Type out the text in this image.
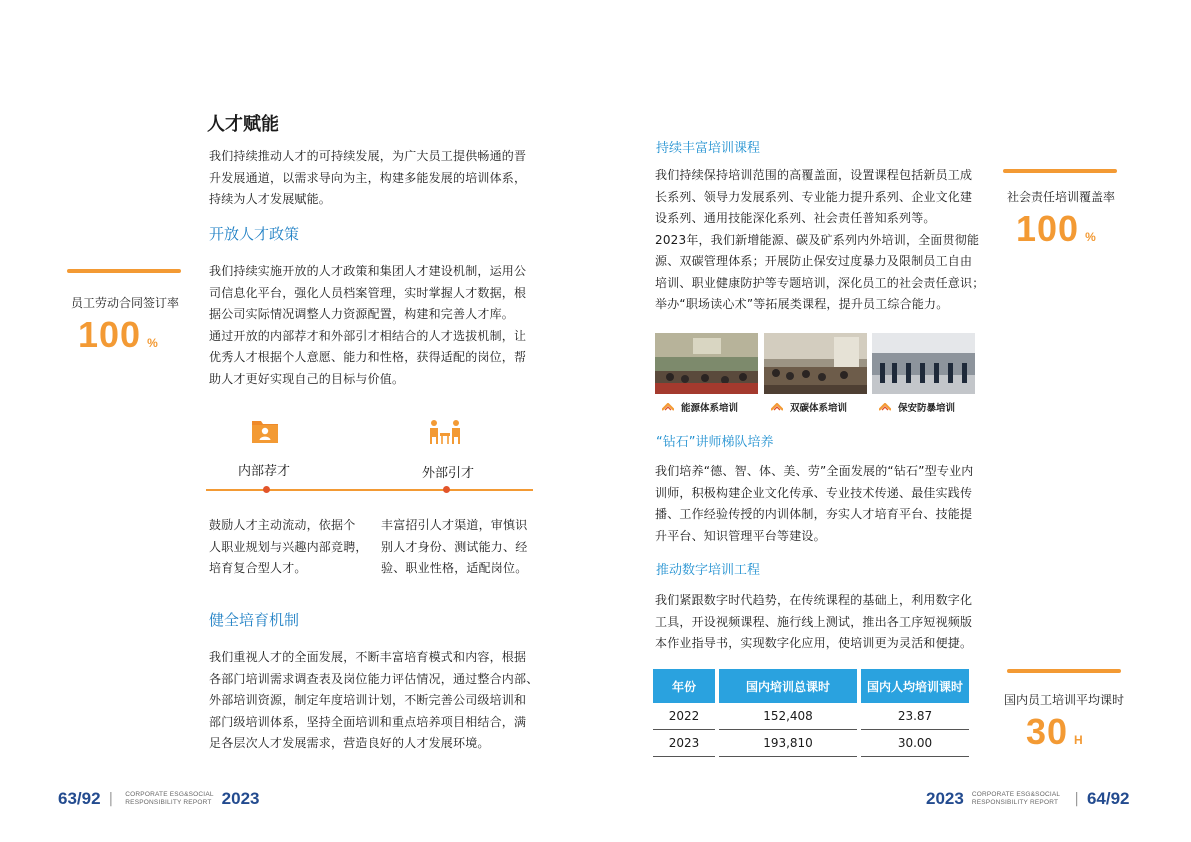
人才赋能
我们持续推动人才的可持续发展，为广大员工提供畅通的晋
升发展通道，以需求导向为主，构建多能发展的培训体系，
持续为人才发展赋能。
开放人才政策
我们持续实施开放的人才政策和集团人才建设机制，运用公
司信息化平台，强化人员档案管理，实时掌握人才数据，根
据公司实际情况调整人力资源配置，构建和完善人才库。
通过开放的内部荐才和外部引才相结合的人才选拔机制，让
优秀人才根据个人意愿、能力和性格，获得适配的岗位，帮
助人才更好实现自己的目标与价值。
员工劳动合同签订率
100 %
内部荐才	外部引才
鼓励人才主动流动，依据个
人职业规划与兴趣内部竞聘，
培育复合型人才。
丰富招引人才渠道，审慎识
别人才身份、测试能力、经
验、职业性格，适配岗位。
健全培育机制
我们重视人才的全面发展，不断丰富培育模式和内容，根据
各部门培训需求调查表及岗位能力评估情况，通过整合内部、
外部培训资源，制定年度培训计划，不断完善公司级培训和
部门级培训体系，坚持全面培训和重点培养项目相结合，满
足各层次人才发展需求，营造良好的人才发展环境。
持续丰富培训课程
我们持续保持培训范围的高覆盖面，设置课程包括新员工成
长系列、领导力发展系列、专业能力提升系列、企业文化建
设系列、通用技能深化系列、社会责任普知系列等。
2023年，我们新增能源、碳及矿系列内外培训，全面贯彻能
源、双碳管理体系；开展防止保安过度暴力及限制员工自由
培训、职业健康防护等专题培训，深化员工的社会责任意识；
举办“职场读心术”等拓展类课程，提升员工综合能力。
社会责任培训覆盖率
100 %
能源体系培训	双碳体系培训	保安防暴培训
“钻石”讲师梯队培养
我们培养“德、智、体、美、劳”全面发展的“钻石”型专业内
训师，积极构建企业文化传承、专业技术传递、最佳实践传
播、工作经验传授的内训体制，夯实人才培育平台、技能提
升平台、知识管理平台等建设。
推动数字培训工程
我们紧跟数字时代趋势，在传统课程的基础上，利用数字化
工具，开设视频课程、施行线上测试，推出各工序短视频版
本作业指导书，实现数字化应用，使培训更为灵活和便捷。
年份	国内培训总课时	国内人均培训课时
2022	152,408	23.87
2023	193,810	30.00
国内员工培训平均课时
30 H
63/92 | CORPORATE ESG&SOCIAL
RESPONSIBILITY REPORT 2023	2023 CORPORATE ESG&SOCIAL
RESPONSIBILITY REPORT | 64/92
